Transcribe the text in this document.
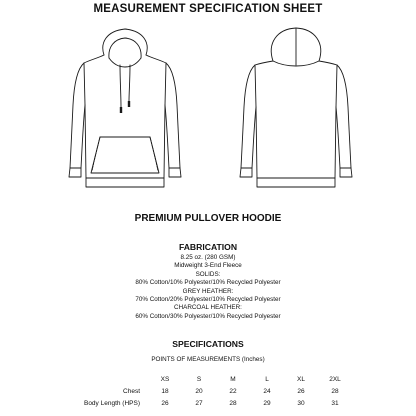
MEASUREMENT SPECIFICATION SHEET
PREMIUM PULLOVER HOODIE
FABRICATION
8.25 oz. (280 GSM)
Midweight 3-End Fleece
SOLIDS:
80% Cotton/10% Polyester/10% Recycled Polyester
GREY HEATHER:
70% Cotton/20% Polyester/10% Recycled Polyester
CHARCOAL HEATHER:
60% Cotton/30% Polyester/10% Recycled Polyester
SPECIFICATIONS
POINTS OF MEASUREMENTS (Inches)
	XS	S	M	L	XL	2XL
Chest	18	20	22	24	26	28
Body Length (HPS)	26	27	28	29	30	31
